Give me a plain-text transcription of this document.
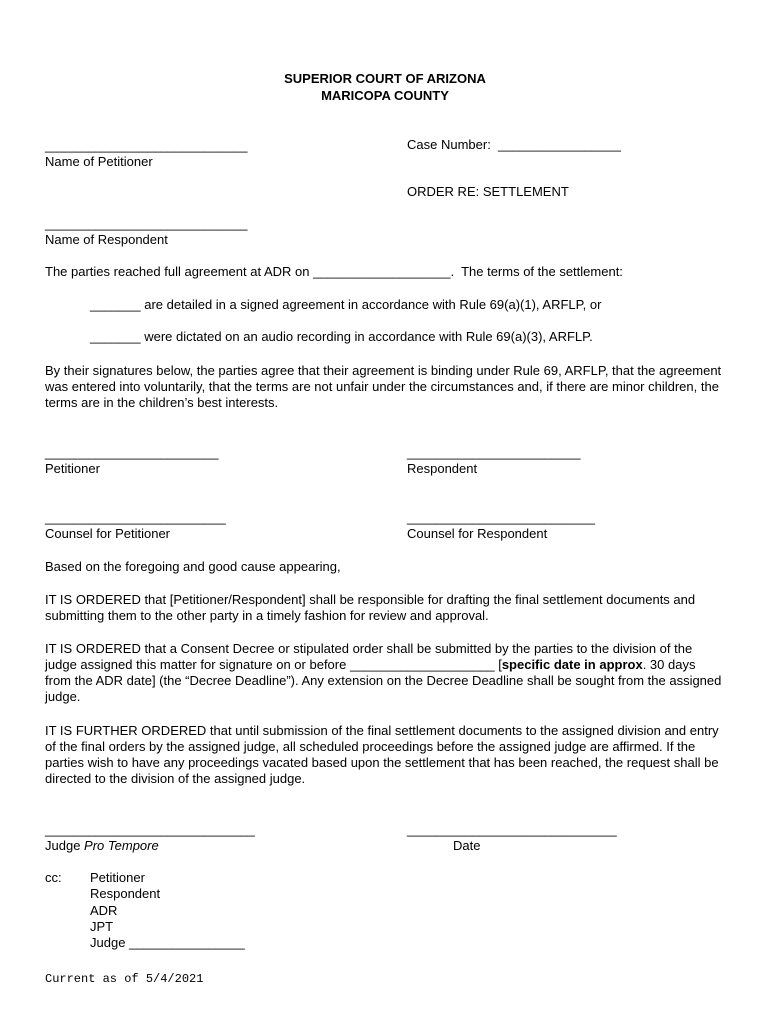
SUPERIOR COURT OF ARIZONA
MARICOPA COUNTY
____________________________
Name of Petitioner
Case Number: _________________
ORDER RE: SETTLEMENT
____________________________
Name of Respondent
The parties reached full agreement at ADR on ___________________.  The terms of the settlement:
_______ are detailed in a signed agreement in accordance with Rule 69(a)(1), ARFLP, or
_______ were dictated on an audio recording in accordance with Rule 69(a)(3), ARFLP.
By their signatures below, the parties agree that their agreement is binding under Rule 69, ARFLP, that the agreement was entered into voluntarily, that the terms are not unfair under the circumstances and, if there are minor children, the terms are in the children’s best interests.
________________________
Petitioner
________________________
Respondent
_________________________
Counsel for Petitioner
__________________________
Counsel for Respondent
Based on the foregoing and good cause appearing,
IT IS ORDERED that [Petitioner/Respondent] shall be responsible for drafting the final settlement documents and submitting them to the other party in a timely fashion for review and approval.
IT IS ORDERED that a Consent Decree or stipulated order shall be submitted by the parties to the division of the judge assigned this matter for signature on or before ____________________ [specific date in approx. 30 days from the ADR date] (the “Decree Deadline”). Any extension on the Decree Deadline shall be sought from the assigned judge.
IT IS FURTHER ORDERED that until submission of the final settlement documents to the assigned division and entry of the final orders by the assigned judge, all scheduled proceedings before the assigned judge are affirmed. If the parties wish to have any proceedings vacated based upon the settlement that has been reached, the request shall be directed to the division of the assigned judge.
_____________________________
Judge Pro Tempore
_____________________________
Date
cc: Petitioner
Respondent
ADR
JPT
Judge ________________
Current as of 5/4/2021
